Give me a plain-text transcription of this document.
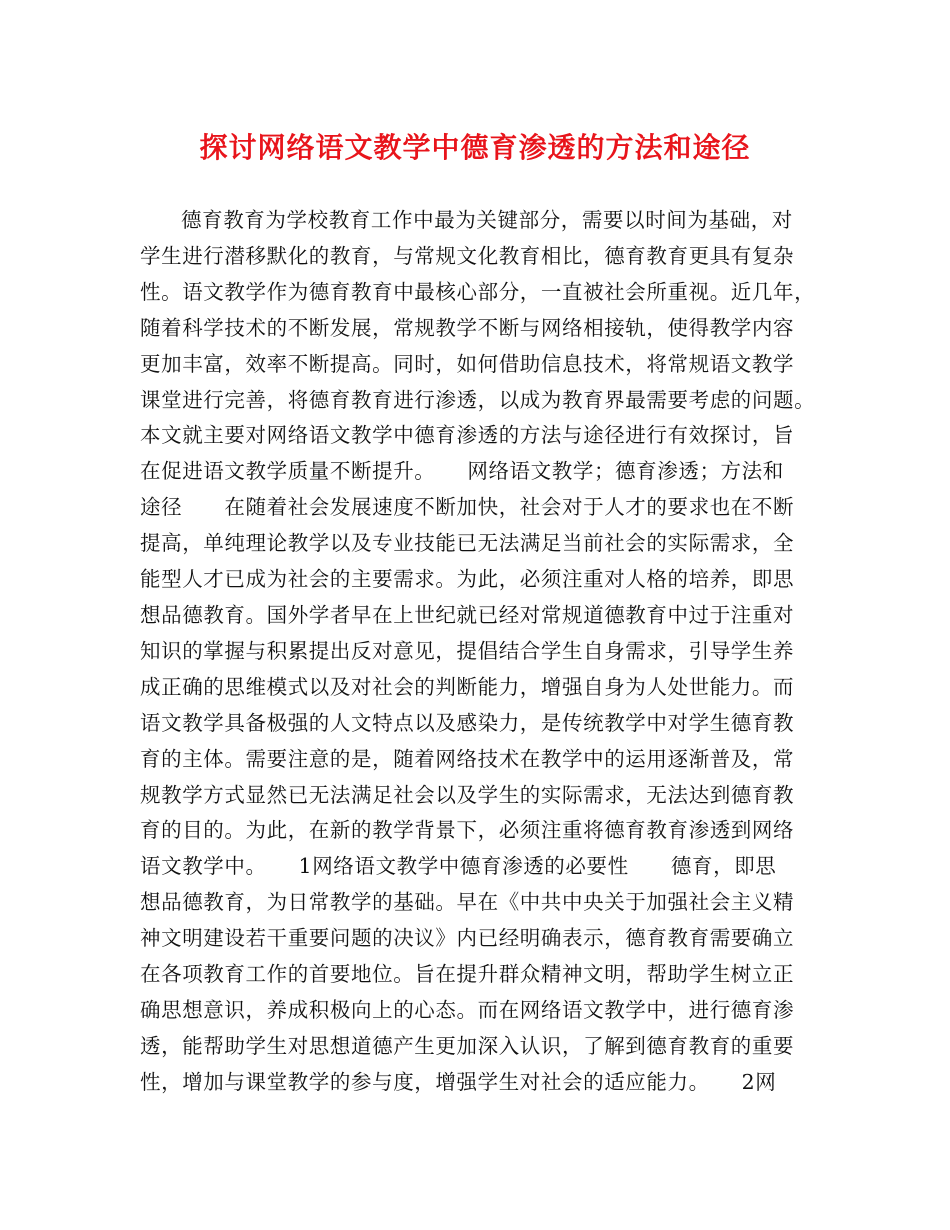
探讨网络语文教学中德育渗透的方法和途径
德育教育为学校教育工作中最为关键部分，需要以时间为基础，对
学生进行潜移默化的教育，与常规文化教育相比，德育教育更具有复杂
性。语文教学作为德育教育中最核心部分，一直被社会所重视。近几年，
随着科学技术的不断发展，常规教学不断与网络相接轨，使得教学内容
更加丰富，效率不断提高。同时，如何借助信息技术，将常规语文教学
课堂进行完善，将德育教育进行渗透，以成为教育界最需要考虑的问题。
本文就主要对网络语文教学中德育渗透的方法与途径进行有效探讨，旨
在促进语文教学质量不断提升。　　网络语文教学；德育渗透；方法和
途径　　在随着社会发展速度不断加快，社会对于人才的要求也在不断
提高，单纯理论教学以及专业技能已无法满足当前社会的实际需求，全
能型人才已成为社会的主要需求。为此，必须注重对人格的培养，即思
想品德教育。国外学者早在上世纪就已经对常规道德教育中过于注重对
知识的掌握与积累提出反对意见，提倡结合学生自身需求，引导学生养
成正确的思维模式以及对社会的判断能力，增强自身为人处世能力。而
语文教学具备极强的人文特点以及感染力，是传统教学中对学生德育教
育的主体。需要注意的是，随着网络技术在教学中的运用逐渐普及，常
规教学方式显然已无法满足社会以及学生的实际需求，无法达到德育教
育的目的。为此，在新的教学背景下，必须注重将德育教育渗透到网络
语文教学中。　　1网络语文教学中德育渗透的必要性　　德育，即思
想品德教育，为日常教学的基础。早在《中共中央关于加强社会主义精
神文明建设若干重要问题的决议》内已经明确表示，德育教育需要确立
在各项教育工作的首要地位。旨在提升群众精神文明，帮助学生树立正
确思想意识，养成积极向上的心态。而在网络语文教学中，进行德育渗
透，能帮助学生对思想道德产生更加深入认识，了解到德育教育的重要
性，增加与课堂教学的参与度，增强学生对社会的适应能力。　　2网
